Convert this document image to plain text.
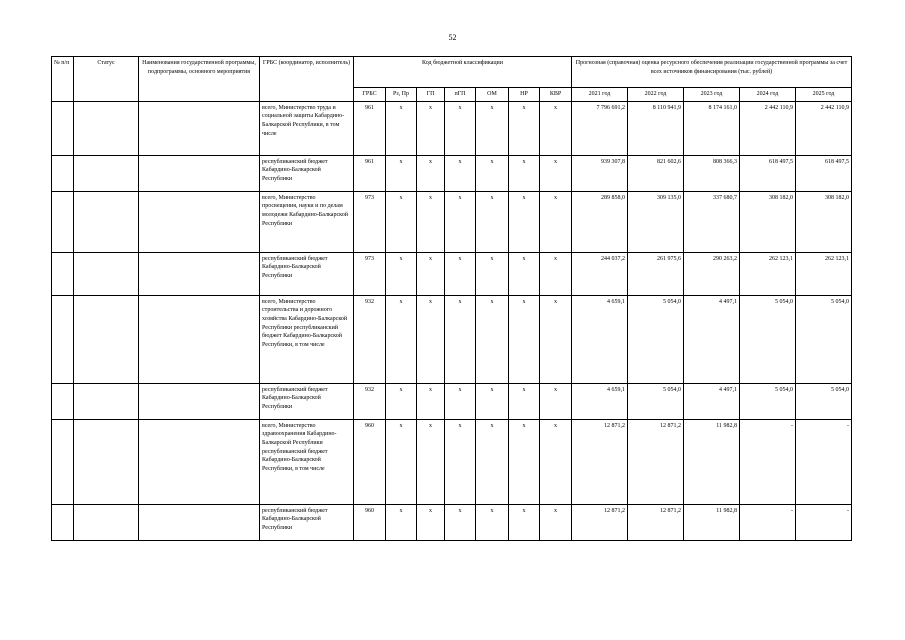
52
№ п/п	Статус	Наименования государственной программы, подпрограммы, основного мероприятия	ГРБС (координатор, исполнитель)	Код бюджетной классификации							Прогнозная (справочная) оценка ресурсного обеспечения реализации государственной программы за счет всех источников финансирования (тыс. рублей)				
				ГРБС	Рз, Пр	ГП	пГП	ОМ	НР	КВР	2021 год	2022 год	2023 год	2024 год	2025 год
			всего, Министерство труда и социальной защиты Кабардино-Балкарской Республики, в том числе	961	х	х	х	х	х	х	7 796 691,2	8 110 941,9	8 174 161,0	2 442 110,9	2 442 110,9
			республиканский бюджет Кабардино-Балкарской Республики	961	х	х	х	х	х	х	939 307,8	821 602,6	808 366,3	618 497,5	618 497,5
			всего, Министерство просвещения, науки и по делам молодежи Кабардино-Балкарской Республики	973	х	х	х	х	х	х	289 858,0	309 135,0	337 680,7	308 182,0	308 182,0
			республиканский бюджет Кабардино-Балкарской Республики	973	х	х	х	х	х	х	244 037,2	261 975,6	290 263,2	262 123,1	262 123,1
			всего, Министерство строительства и дорожного хозяйства Кабардино-Балкарской Республики республиканский бюджет Кабардино-Балкарской Республики, в том числе	932	х	х	х	х	х	х	4 659,1	5 054,0	4 497,1	5 054,0	5 054,0
			республиканский бюджет Кабардино-Балкарской Республики	932	х	х	х	х	х	х	4 659,1	5 054,0	4 497,1	5 054,0	5 054,0
			всего, Министерство здравоохранения Кабардино-Балкарской Республики республиканский бюджет Кабардино-Балкарской Республики, в том числе	960	х	х	х	х	х	х	12 871,2	12 871,2	11 982,8	-	-
			республиканский бюджет Кабардино-Балкарской Республики	960	х	х	х	х	х	х	12 871,2	12 871,2	11 982,8	-	-
